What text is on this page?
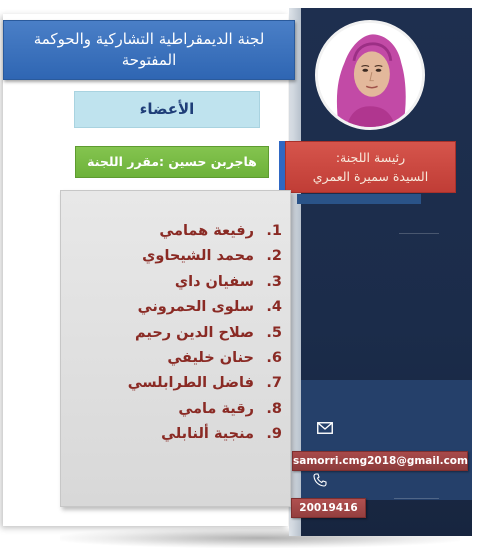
لجنة الديمقراطية التشاركية والحوكمة المفتوحة
الأعضاء
هاجربن حسين :مقرر اللجنة	رئيسة اللجنة:
السيدة سميرة العمري
1.
رفيعة همامي
2.
محمد الشيحاوي
3.
سفيان داي
4.
سلوى الحمروني
5.
صلاح الدين رحيم
6.
حنان خليفي
7.
فاضل الطرابلسي
8.
رقية مامي
9.
منجية ألنابلي
samorri.cmg2018@gmail.com
20019416
